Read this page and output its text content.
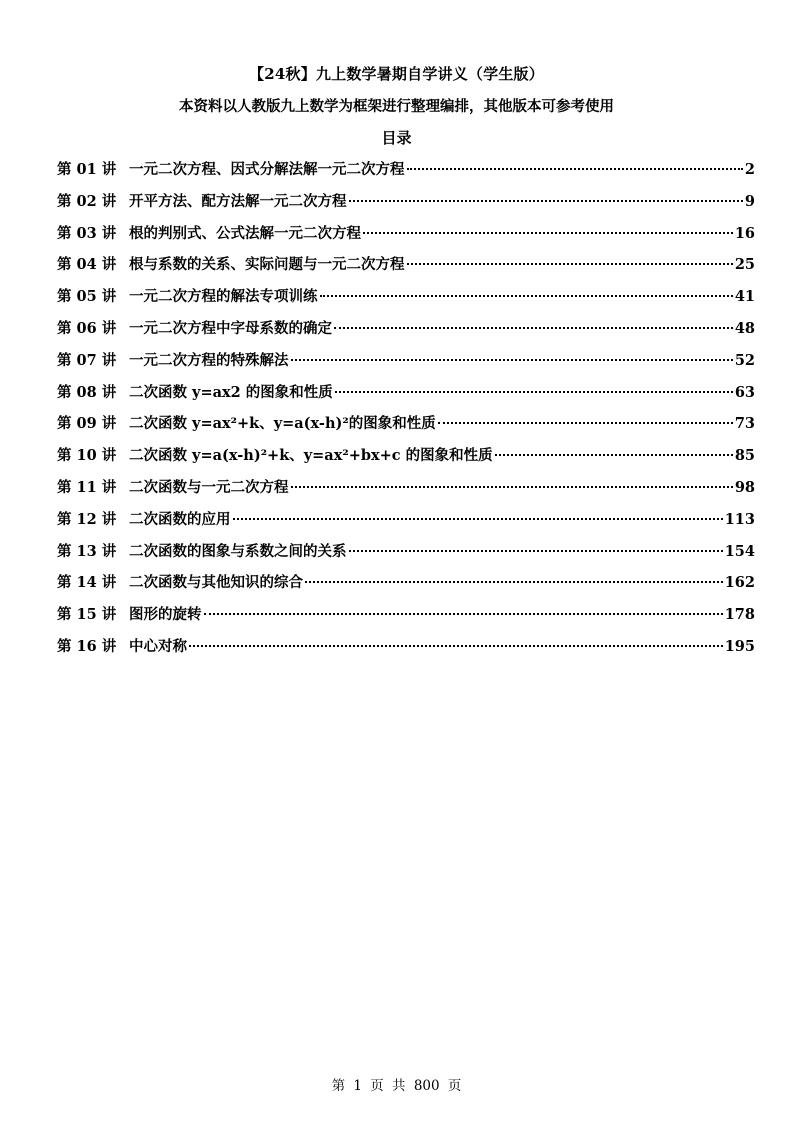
【24秋】九上数学暑期自学讲义（学生版）
本资料以人教版九上数学为框架进行整理编排，其他版本可参考使用
目录
第 01 讲 一元二次方程、因式分解法解一元二次方程	2
第 02 讲 开平方法、配方法解一元二次方程	9
第 03 讲 根的判别式、公式法解一元二次方程	16
第 04 讲 根与系数的关系、实际问题与一元二次方程	25
第 05 讲 一元二次方程的解法专项训练	41
第 06 讲 一元二次方程中字母系数的确定	48
第 07 讲 一元二次方程的特殊解法	52
第 08 讲 二次函数 y=ax2 的图象和性质	63
第 09 讲 二次函数 y=ax²+k、y=a(x-h)²的图象和性质	73
第 10 讲 二次函数 y=a(x-h)²+k、y=ax²+bx+c 的图象和性质	85
第 11 讲 二次函数与一元二次方程	98
第 12 讲 二次函数的应用	113
第 13 讲 二次函数的图象与系数之间的关系	154
第 14 讲 二次函数与其他知识的综合	162
第 15 讲 图形的旋转	178
第 16 讲 中心对称	195
第 1 页 共 800 页
